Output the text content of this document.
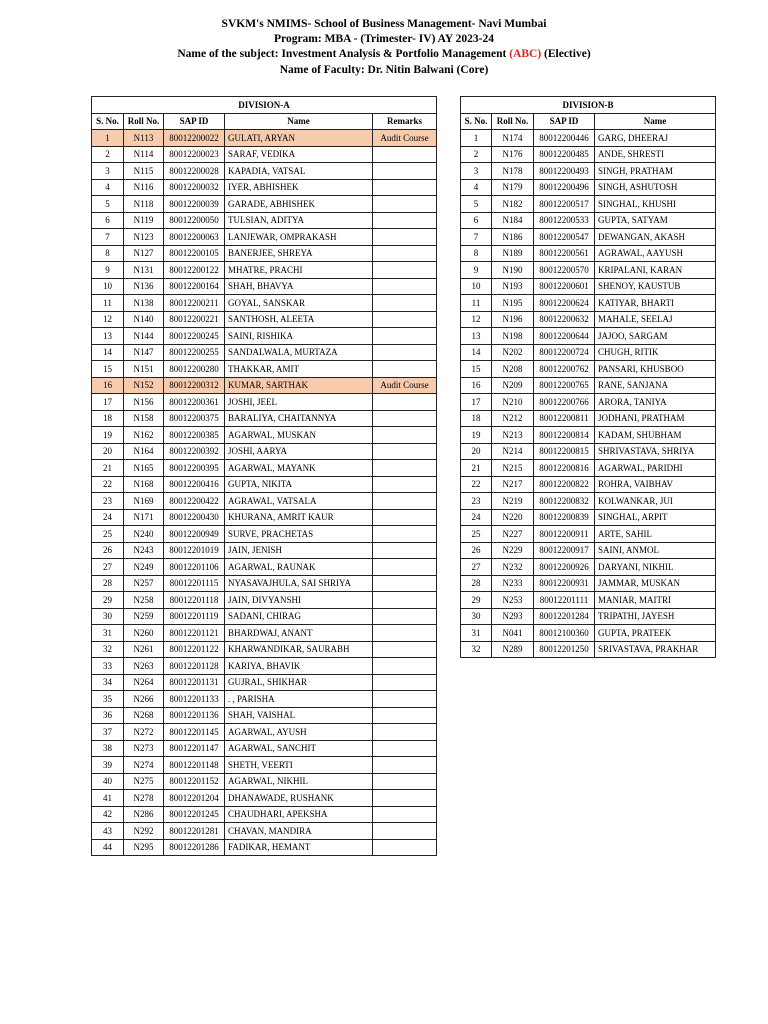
SVKM's NMIMS- School of Business Management- Navi Mumbai
Program: MBA - (Trimester- IV) AY 2023-24
Name of the subject: Investment Analysis & Portfolio Management (ABC) (Elective)
Name of Faculty: Dr. Nitin Balwani (Core)
DIVISION-A				
S. No.	Roll No.	SAP ID	Name	Remarks
1	N113	80012200022	GULATI, ARYAN	Audit Course
2	N114	80012200023	SARAF, VEDIKA	
3	N115	80012200028	KAPADIA, VATSAL	
4	N116	80012200032	IYER, ABHISHEK	
5	N118	80012200039	GARADE, ABHISHEK	
6	N119	80012200050	TULSIAN, ADITYA	
7	N123	80012200063	LANJEWAR, OMPRAKASH	
8	N127	80012200105	BANERJEE, SHREYA	
9	N131	80012200122	MHATRE, PRACHI	
10	N136	80012200164	SHAH, BHAVYA	
11	N138	80012200211	GOYAL, SANSKAR	
12	N140	80012200221	SANTHOSH, ALEETA	
13	N144	80012200245	SAINI, RISHIKA	
14	N147	80012200255	SANDALWALA, MURTAZA	
15	N151	80012200280	THAKKAR, AMIT	
16	N152	80012200312	KUMAR, SARTHAK	Audit Course
17	N156	80012200361	JOSHI, JEEL	
18	N158	80012200375	BARALIYA, CHAITANNYA	
19	N162	80012200385	AGARWAL, MUSKAN	
20	N164	80012200392	JOSHI, AARYA	
21	N165	80012200395	AGARWAL, MAYANK	
22	N168	80012200416	GUPTA, NIKITA	
23	N169	80012200422	AGRAWAL, VATSALA	
24	N171	80012200430	KHURANA, AMRIT KAUR	
25	N240	80012200949	SURVE, PRACHETAS	
26	N243	80012201019	JAIN, JENISH	
27	N249	80012201106	AGARWAL, RAUNAK	
28	N257	80012201115	NYASAVAJHULA, SAI SHRIYA	
29	N258	80012201118	JAIN, DIVYANSHI	
30	N259	80012201119	SADANI, CHIRAG	
31	N260	80012201121	BHARDWAJ, ANANT	
32	N261	80012201122	KHARWANDIKAR, SAURABH	
33	N263	80012201128	KARIYA, BHAVIK	
34	N264	80012201131	GUJRAL, SHIKHAR	
35	N266	80012201133	. , PARISHA	
36	N268	80012201136	SHAH, VAISHAL	
37	N272	80012201145	AGARWAL, AYUSH	
38	N273	80012201147	AGARWAL, SANCHIT	
39	N274	80012201148	SHETH, VEERTI	
40	N275	80012201152	AGARWAL, NIKHIL	
41	N278	80012201204	DHANAWADE, RUSHANK	
42	N286	80012201245	CHAUDHARI, APEKSHA	
43	N292	80012201281	CHAVAN, MANDIRA	
44	N295	80012201286	FADIKAR, HEMANT	
DIVISION-B			
S. No.	Roll No.	SAP ID	Name
1	N174	80012200446	GARG, DHEERAJ
2	N176	80012200485	ANDE, SHRESTI
3	N178	80012200493	SINGH, PRATHAM
4	N179	80012200496	SINGH, ASHUTOSH
5	N182	80012200517	SINGHAL, KHUSHI
6	N184	80012200533	GUPTA, SATYAM
7	N186	80012200547	DEWANGAN, AKASH
8	N189	80012200561	AGRAWAL, AAYUSH
9	N190	80012200570	KRIPALANI, KARAN
10	N193	80012200601	SHENOY, KAUSTUB
11	N195	80012200624	KATIYAR, BHARTI
12	N196	80012200632	MAHALE, SEELAJ
13	N198	80012200644	JAJOO, SARGAM
14	N202	80012200724	CHUGH, RITIK
15	N208	80012200762	PANSARI, KHUSBOO
16	N209	80012200765	RANE, SANJANA
17	N210	80012200766	ARORA, TANIYA
18	N212	80012200811	JODHANI, PRATHAM
19	N213	80012200814	KADAM, SHUBHAM
20	N214	80012200815	SHRIVASTAVA, SHRIYA
21	N215	80012200816	AGARWAL, PARIDHI
22	N217	80012200822	ROHRA, VAIBHAV
23	N219	80012200832	KOLWANKAR, JUI
24	N220	80012200839	SINGHAL, ARPIT
25	N227	80012200911	ARTE, SAHIL
26	N229	80012200917	SAINI, ANMOL
27	N232	80012200926	DARYANI, NIKHIL
28	N233	80012200931	JAMMAR, MUSKAN
29	N253	80012201111	MANIAR, MAITRI
30	N293	80012201284	TRIPATHI, JAYESH
31	N041	80012100360	GUPTA, PRATEEK
32	N289	80012201250	SRIVASTAVA, PRAKHAR
